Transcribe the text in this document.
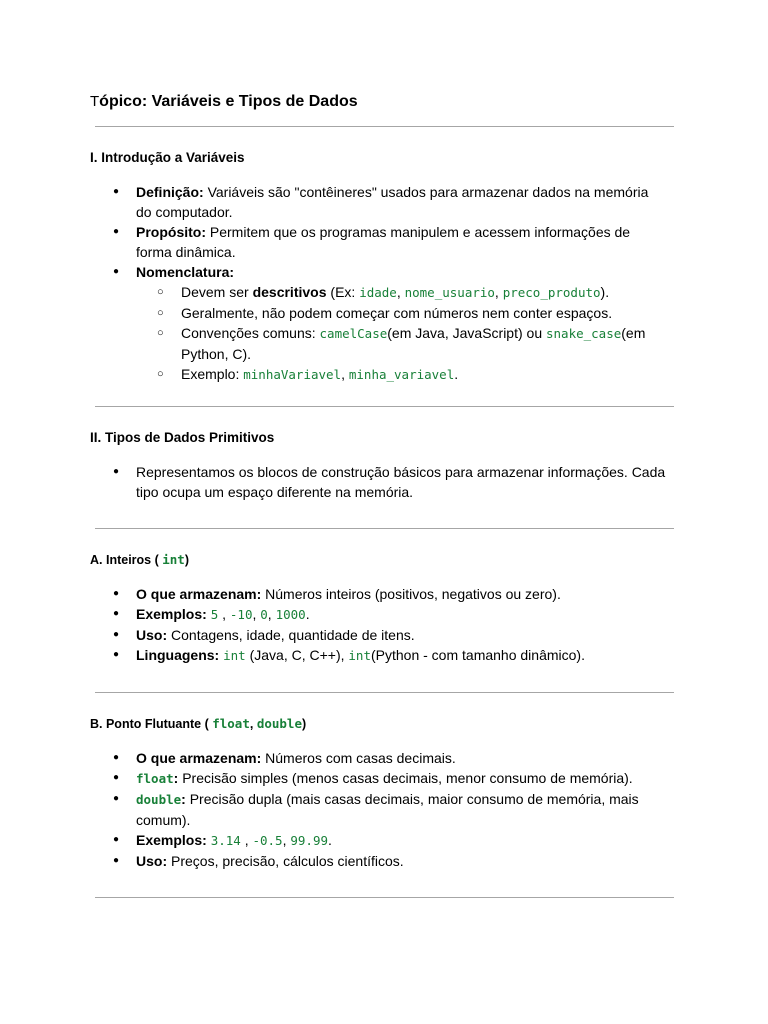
Tópico: Variáveis e Tipos de Dados
I. Introdução a Variáveis
● Definição: Variáveis são "contêineres" usados para armazenar dados na memória do computador.
● Propósito: Permitem que os programas manipulem e acessem informações de forma dinâmica.
● Nomenclatura:
○ Devem ser descritivos (Ex: idade, nome_usuario, preco_produto).
○ Geralmente, não podem começar com números nem conter espaços.
○ Convenções comuns: camelCase(em Java, JavaScript) ou snake_case(em Python, C).
○ Exemplo: minhaVariavel, minha_variavel.
II. Tipos de Dados Primitivos
● Representamos os blocos de construção básicos para armazenar informações. Cada tipo ocupa um espaço diferente na memória.
A. Inteiros ( int)
● O que armazenam: Números inteiros (positivos, negativos ou zero).
● Exemplos: 5 , -10, 0, 1000.
● Uso: Contagens, idade, quantidade de itens.
● Linguagens: int (Java, C, C++), int(Python - com tamanho dinâmico).
B. Ponto Flutuante ( float, double)
● O que armazenam: Números com casas decimais.
● float: Precisão simples (menos casas decimais, menor consumo de memória).
● double: Precisão dupla (mais casas decimais, maior consumo de memória, mais comum).
● Exemplos: 3.14 , -0.5, 99.99.
● Uso: Preços, precisão, cálculos científicos.
